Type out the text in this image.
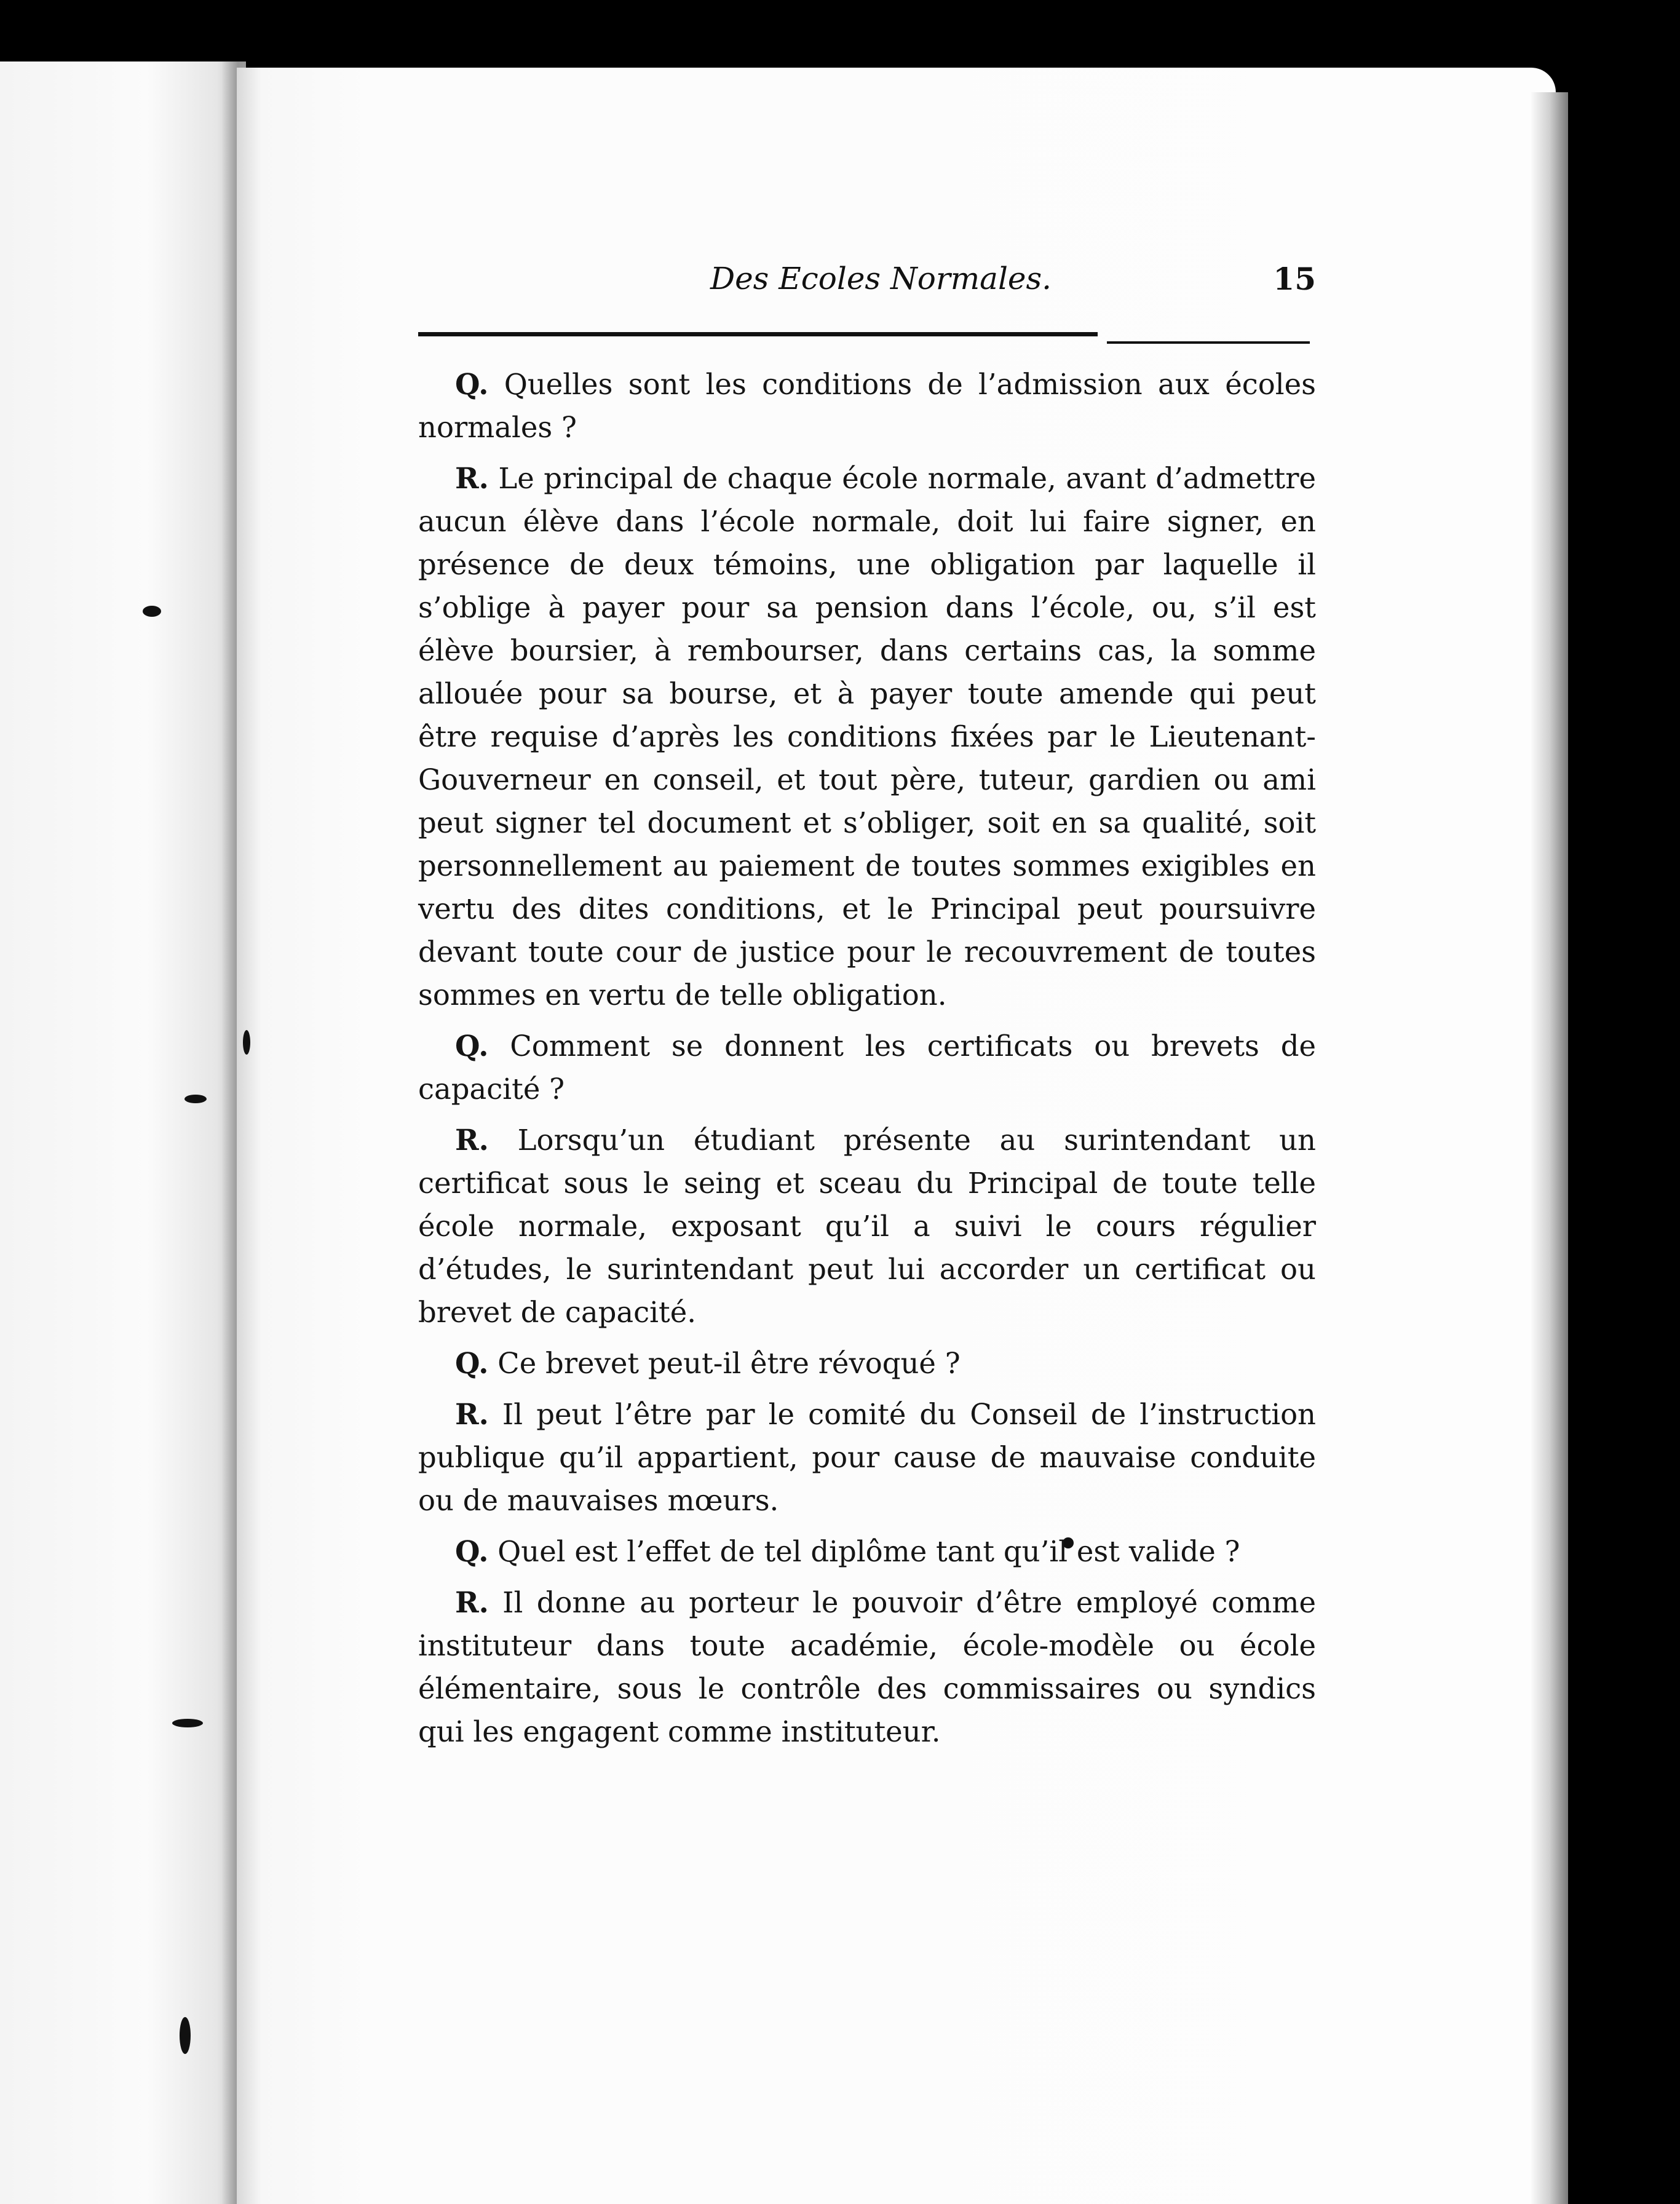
Des Ecoles Normales.	15

Q. Quelles sont les conditions de l’admission aux écoles normales ?

R. Le principal de chaque école normale, avant d’admettre aucun élève dans l’école normale, doit lui faire signer, en présence de deux témoins, une obligation par laquelle il s’oblige à payer pour sa pension dans l’école, ou, s’il est élève boursier, à rembourser, dans certains cas, la somme allouée pour sa bourse, et à payer toute amende qui peut être requise d’après les conditions fixées par le Lieutenant-Gouverneur en conseil, et tout père, tuteur, gardien ou ami peut signer tel document et s’obliger, soit en sa qualité, soit personnellement au paiement de toutes sommes exigibles en vertu des dites conditions, et le Principal peut poursuivre devant toute cour de justice pour le recouvrement de toutes sommes en vertu de telle obligation.

Q. Comment se donnent les certificats ou brevets de capacité ?

R. Lorsqu’un étudiant présente au surintendant un certificat sous le seing et sceau du Principal de toute telle école normale, exposant qu’il a suivi le cours régulier d’études, le surintendant peut lui accorder un certificat ou brevet de capacité.

Q. Ce brevet peut-il être révoqué ?

R. Il peut l’être par le comité du Conseil de l’instruction publique qu’il appartient, pour cause de mauvaise conduite ou de mauvaises mœurs.

Q. Quel est l’effet de tel diplôme tant qu’il est valide ?

R. Il donne au porteur le pouvoir d’être employé comme instituteur dans toute académie, école-modèle ou école élémentaire, sous le contrôle des commissaires ou syndics qui les engagent comme instituteur.
